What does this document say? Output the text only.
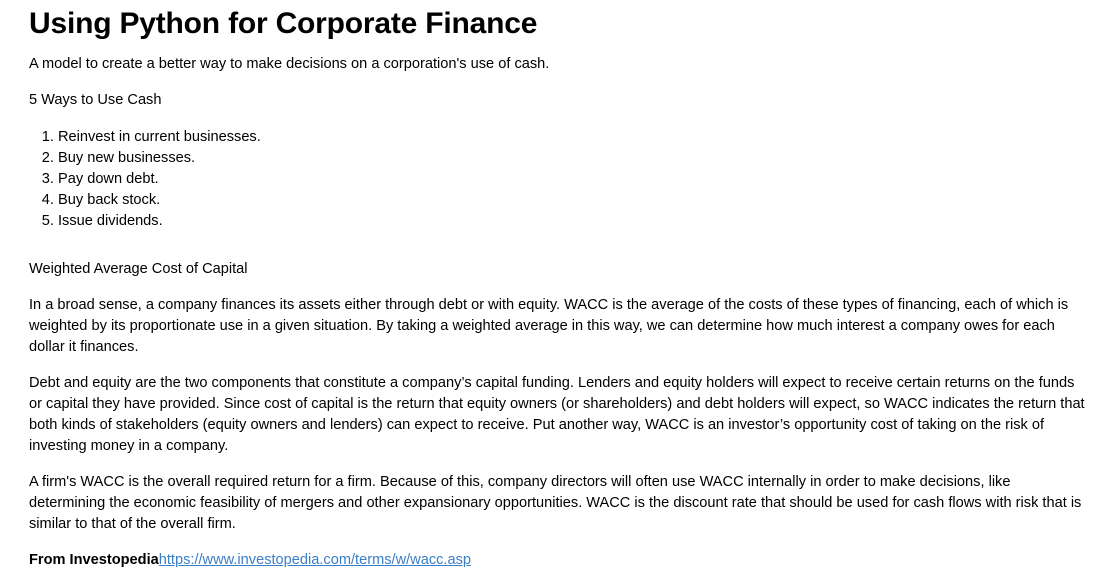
Using Python for Corporate Finance

A model to create a better way to make decisions on a corporation's use of cash.

5 Ways to Use Cash

1. Reinvest in current businesses.
2. Buy new businesses.
3. Pay down debt.
4. Buy back stock.
5. Issue dividends.

Weighted Average Cost of Capital

In a broad sense, a company finances its assets either through debt or with equity. WACC is the average of the costs of these types of financing, each of which is weighted by its proportionate use in a given situation. By taking a weighted average in this way, we can determine how much interest a company owes for each dollar it finances.

Debt and equity are the two components that constitute a company’s capital funding. Lenders and equity holders will expect to receive certain returns on the funds or capital they have provided. Since cost of capital is the return that equity owners (or shareholders) and debt holders will expect, so WACC indicates the return that both kinds of stakeholders (equity owners and lenders) can expect to receive. Put another way, WACC is an investor’s opportunity cost of taking on the risk of investing money in a company.

A firm's WACC is the overall required return for a firm. Because of this, company directors will often use WACC internally in order to make decisions, like determining the economic feasibility of mergers and other expansionary opportunities. WACC is the discount rate that should be used for cash flows with risk that is similar to that of the overall firm.

From Investopediahttps://www.investopedia.com/terms/w/wacc.asp
